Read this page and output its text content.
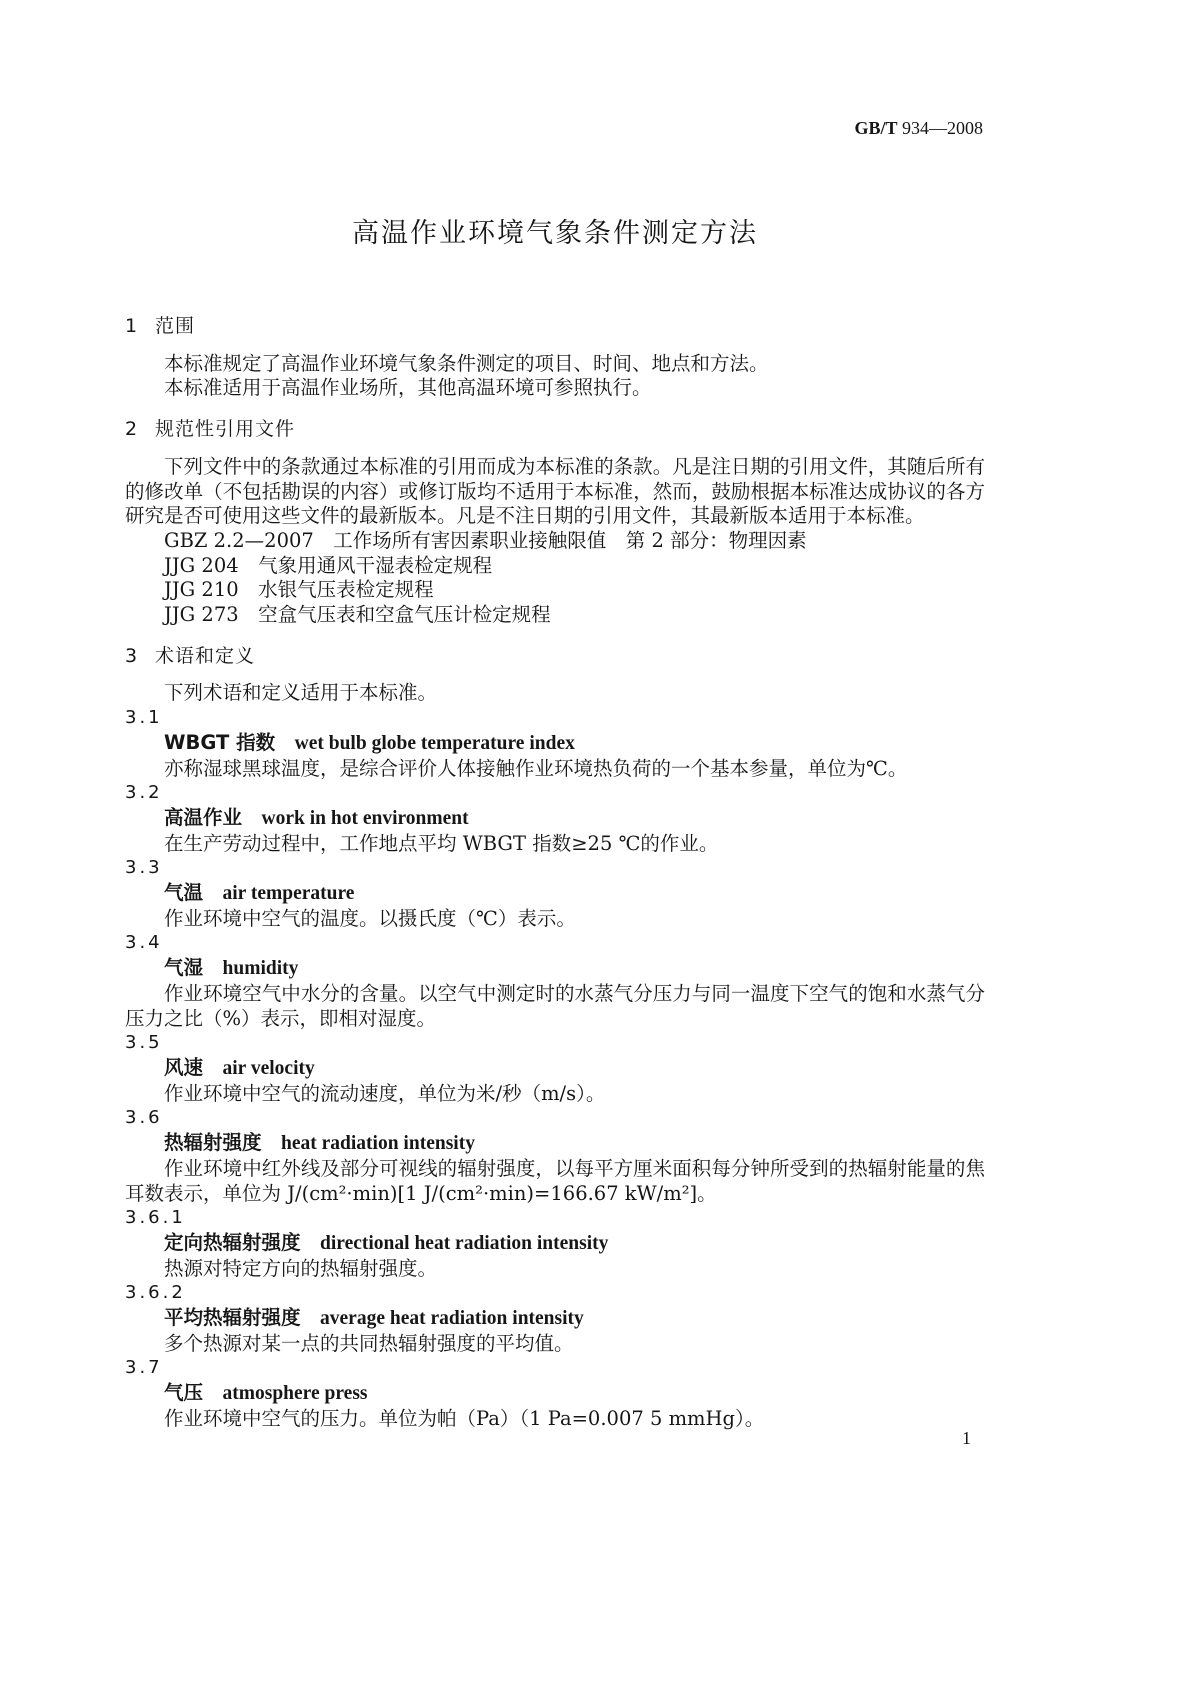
GB/T 934—2008
高温作业环境气象条件测定方法
1 范围

本标准规定了高温作业环境气象条件测定的项目、时间、地点和方法。

本标准适用于高温作业场所，其他高温环境可参照执行。

2 规范性引用文件

下列文件中的条款通过本标准的引用而成为本标准的条款。凡是注日期的引用文件，其随后所有的修改单（不包括勘误的内容）或修订版均不适用于本标准，然而，鼓励根据本标准达成协议的各方研究是否可使用这些文件的最新版本。凡是不注日期的引用文件，其最新版本适用于本标准。

GBZ 2.2—2007 工作场所有害因素职业接触限值　第 2 部分：物理因素
JJG 204 气象用通风干湿表检定规程
JJG 210 水银气压表检定规程
JJG 273 空盒气压表和空盒气压计检定规程
3 术语和定义

下列术语和定义适用于本标准。

3.1

WBGT 指数 wet bulb globe temperature index

亦称湿球黑球温度，是综合评价人体接触作业环境热负荷的一个基本参量，单位为℃。

3.2

高温作业 work in hot environment

在生产劳动过程中，工作地点平均 WBGT 指数≥25 ℃的作业。

3.3

气温 air temperature

作业环境中空气的温度。以摄氏度（℃）表示。

3.4

气湿 humidity

作业环境空气中水分的含量。以空气中测定时的水蒸气分压力与同一温度下空气的饱和水蒸气分压力之比（%）表示，即相对湿度。

3.5

风速 air velocity

作业环境中空气的流动速度，单位为米/秒（m/s）。

3.6

热辐射强度 heat radiation intensity

作业环境中红外线及部分可视线的辐射强度，以每平方厘米面积每分钟所受到的热辐射能量的焦耳数表示，单位为 J/(cm²·min)[1 J/(cm²·min)=166.67 kW/m²]。

3.6.1

定向热辐射强度 directional heat radiation intensity

热源对特定方向的热辐射强度。

3.6.2

平均热辐射强度 average heat radiation intensity

多个热源对某一点的共同热辐射强度的平均值。

3.7

气压 atmosphere press

作业环境中空气的压力。单位为帕（Pa）（1 Pa=0.007 5 mmHg）。

1
